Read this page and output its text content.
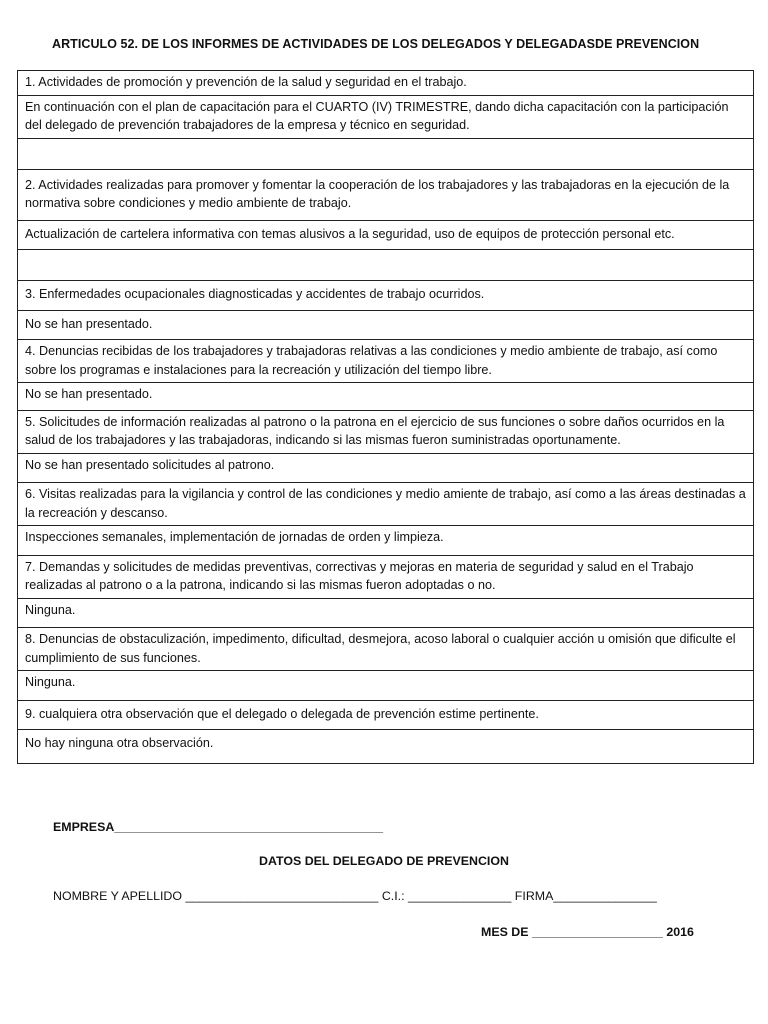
ARTICULO 52. DE LOS INFORMES DE ACTIVIDADES DE LOS DELEGADOS Y DELEGADASDE PREVENCION
1. Actividades de promoción y prevención de la salud y seguridad en el trabajo.
En continuación con el plan de capacitación para el CUARTO (IV) TRIMESTRE, dando dicha capacitación con la participación del delegado de prevención trabajadores de la empresa y técnico en seguridad.

2. Actividades realizadas para promover y fomentar la cooperación de los trabajadores y las trabajadoras en la ejecución de la normativa sobre condiciones y medio ambiente de trabajo.
Actualización de cartelera informativa con temas alusivos a la seguridad, uso de equipos de protección personal etc.

3. Enfermedades ocupacionales diagnosticadas y accidentes de trabajo ocurridos.
No se han presentado.
4. Denuncias recibidas de los trabajadores y trabajadoras relativas a las condiciones y medio ambiente de trabajo, así como sobre los programas e instalaciones para la recreación y utilización del tiempo libre.
No se han presentado.
5. Solicitudes de información realizadas al patrono o la patrona en el ejercicio de sus funciones o sobre daños ocurridos en la salud de los trabajadores y las trabajadoras, indicando si las mismas fueron suministradas oportunamente.
No se han presentado solicitudes al patrono.
6. Visitas realizadas para la vigilancia y control de las condiciones y medio amiente de trabajo, así como a las áreas destinadas a la recreación y descanso.
Inspecciones semanales, implementación de jornadas de orden y limpieza.
7. Demandas y solicitudes de medidas preventivas, correctivas y mejoras en materia de seguridad y salud en el Trabajo realizadas al patrono o a la patrona, indicando si las mismas fueron adoptadas o no.
Ninguna.
8. Denuncias de obstaculización, impedimento, dificultad, desmejora, acoso laboral o cualquier acción u omisión que dificulte el cumplimiento de sus funciones.
Ninguna.
9. cualquiera otra observación que el delegado o delegada de prevención estime pertinente.
No hay ninguna otra observación.
EMPRESA_______________________________________
DATOS DEL DELEGADO DE PREVENCION
NOMBRE Y APELLIDO ____________________________ C.I.: _______________ FIRMA_______________
MES DE ___________________ 2016
